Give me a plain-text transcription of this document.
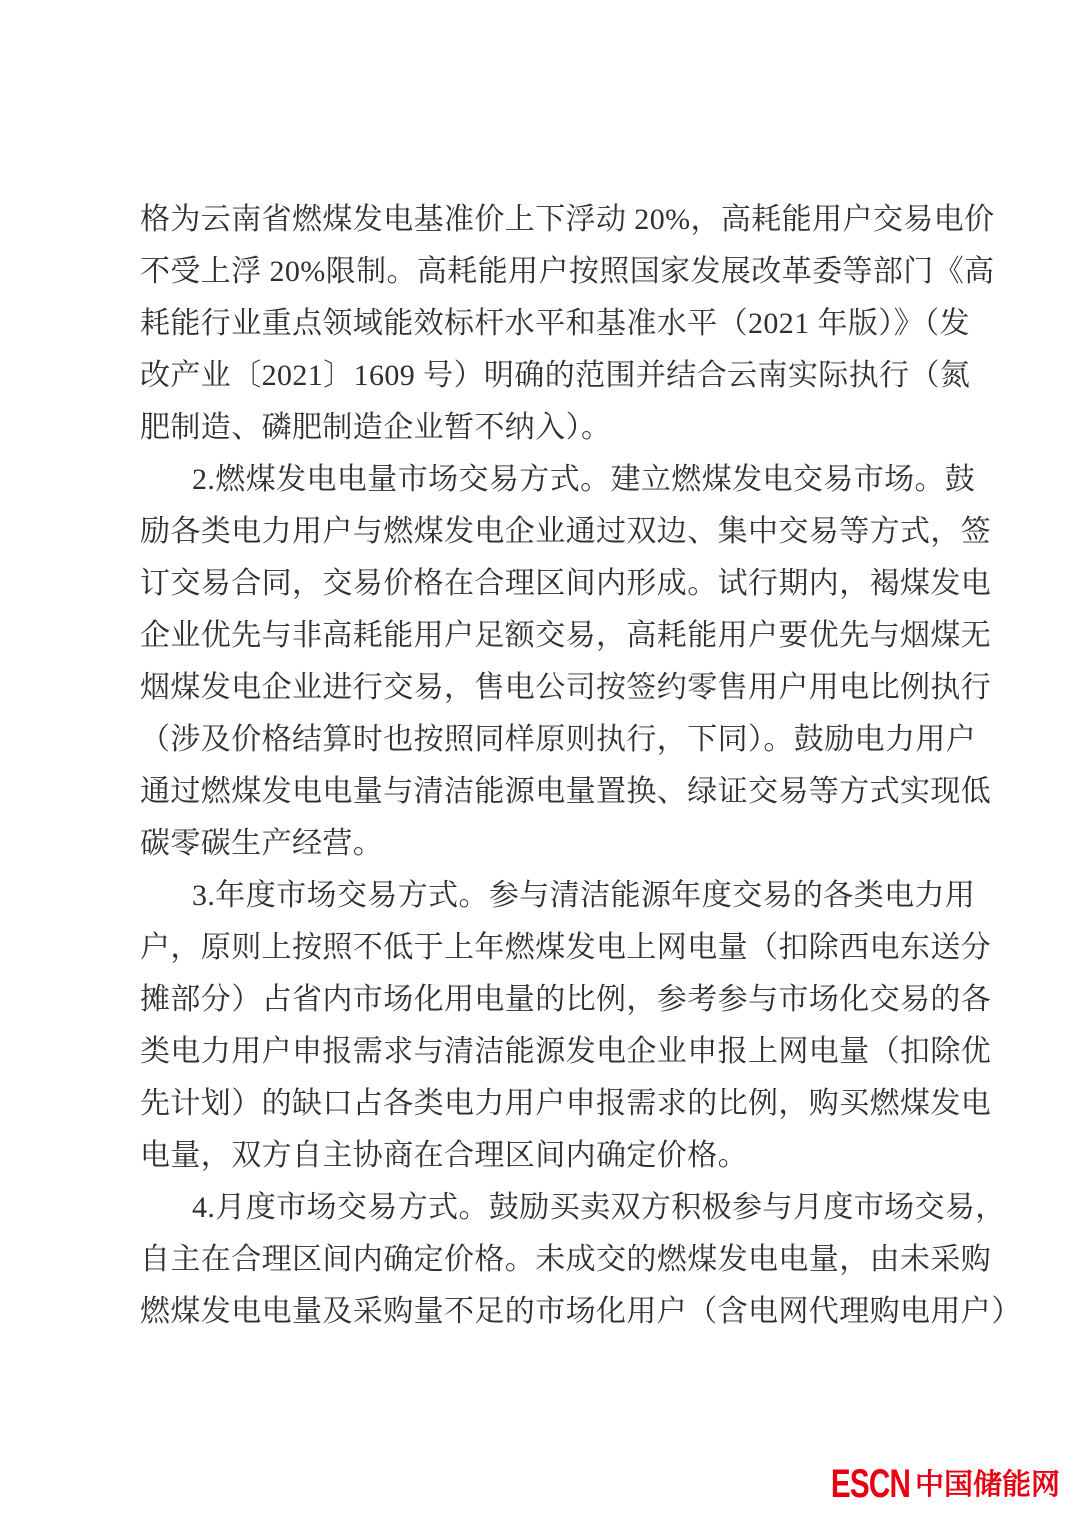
格为云南省燃煤发电基准价上下浮动 20%，高耗能用户交易电价
不受上浮 20%限制。高耗能用户按照国家发展改革委等部门《高
耗能行业重点领域能效标杆水平和基准水平（2021 年版）》（发
改产业〔2021〕1609 号）明确的范围并结合云南实际执行（氮
肥制造、磷肥制造企业暂不纳入）。
2.燃煤发电电量市场交易方式。建立燃煤发电交易市场。鼓
励各类电力用户与燃煤发电企业通过双边、集中交易等方式，签
订交易合同，交易价格在合理区间内形成。试行期内，褐煤发电
企业优先与非高耗能用户足额交易，高耗能用户要优先与烟煤无
烟煤发电企业进行交易，售电公司按签约零售用户用电比例执行
（涉及价格结算时也按照同样原则执行，下同）。鼓励电力用户
通过燃煤发电电量与清洁能源电量置换、绿证交易等方式实现低
碳零碳生产经营。
3.年度市场交易方式。参与清洁能源年度交易的各类电力用
户，原则上按照不低于上年燃煤发电上网电量（扣除西电东送分
摊部分）占省内市场化用电量的比例，参考参与市场化交易的各
类电力用户申报需求与清洁能源发电企业申报上网电量（扣除优
先计划）的缺口占各类电力用户申报需求的比例，购买燃煤发电
电量，双方自主协商在合理区间内确定价格。
4.月度市场交易方式。鼓励买卖双方积极参与月度市场交易，
自主在合理区间内确定价格。未成交的燃煤发电电量，由未采购
燃煤发电电量及采购量不足的市场化用户（含电网代理购电用户）
ESCN 中国储能网
